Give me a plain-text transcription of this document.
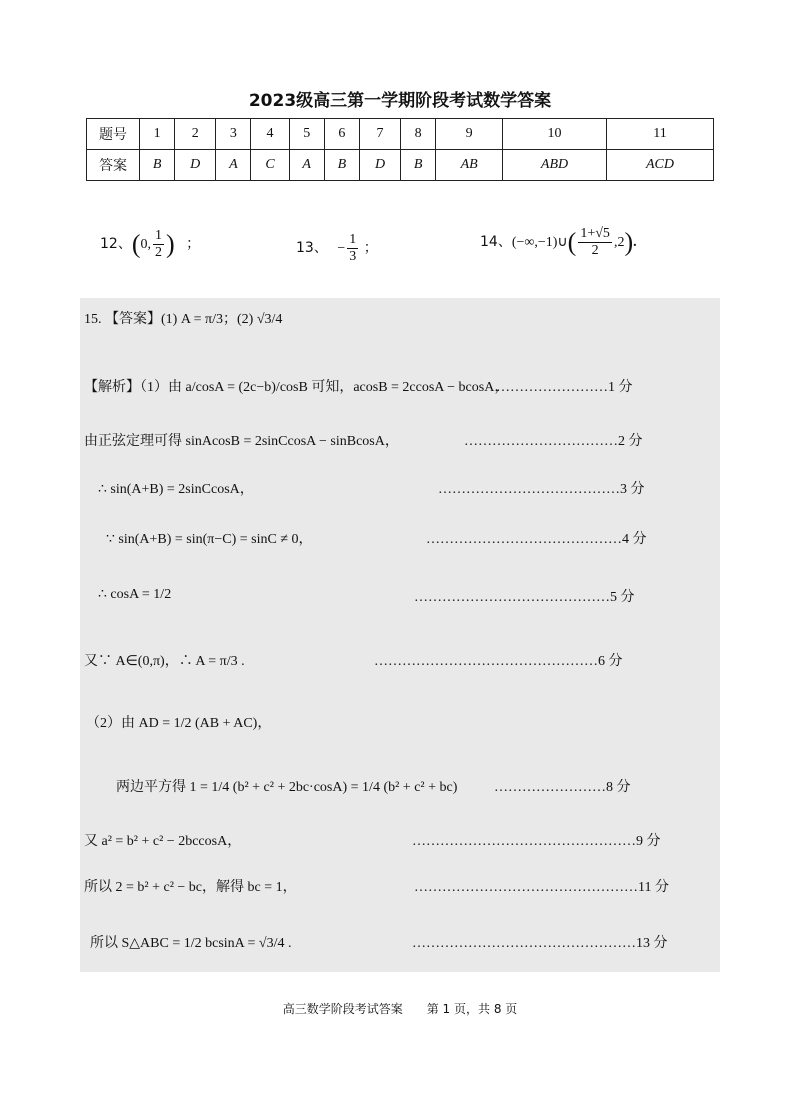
2023级高三第一学期阶段考试数学答案
题号	1	2	3	4	5	6	7	8	9	10	11
答案	B	D	A	C	A	B	D	B	AB	ABD	ACD
12、(0, $\frac{1}{2}$ ) ；	13、 − $\frac{1}{3}$ ；	14、(−∞,−1)∪( $\frac{1+√5}{2} ,2$).
15. 【答案】(1) A = π/3；(2) √3/4
【解析】（1）由 a/cosA = (2c−b)/cosB 可知，acosB = 2ccosA − bcosA，
……………………1 分
由正弦定理可得 sinAcosB = 2sinCcosA − sinBcosA，	……………………………2 分
∴ sin(A+B) = 2sinCcosA，	…………………………………3 分
∵ sin(A+B) = sin(π−C) = sinC ≠ 0，	……………………………………4 分
∴ cosA = 1/2	……………………………………5 分
又∵ A∈(0,π)，∴ A = π/3 .	…………………………………………6 分
（2）由 AD = 1/2 (AB + AC)，
两边平方得 1 = 1/4 (b² + c² + 2bc·cosA) = 1/4 (b² + c² + bc)	……………………8 分
又 a² = b² + c² − 2bccosA，	…………………………………………9 分
所以 2 = b² + c² − bc，解得 bc = 1，	…………………………………………11 分
所以 S△ABC = 1/2 bcsinA = √3/4 .	…………………………………………13 分
高三数学阶段考试答案　　第 1 页，共 8 页
